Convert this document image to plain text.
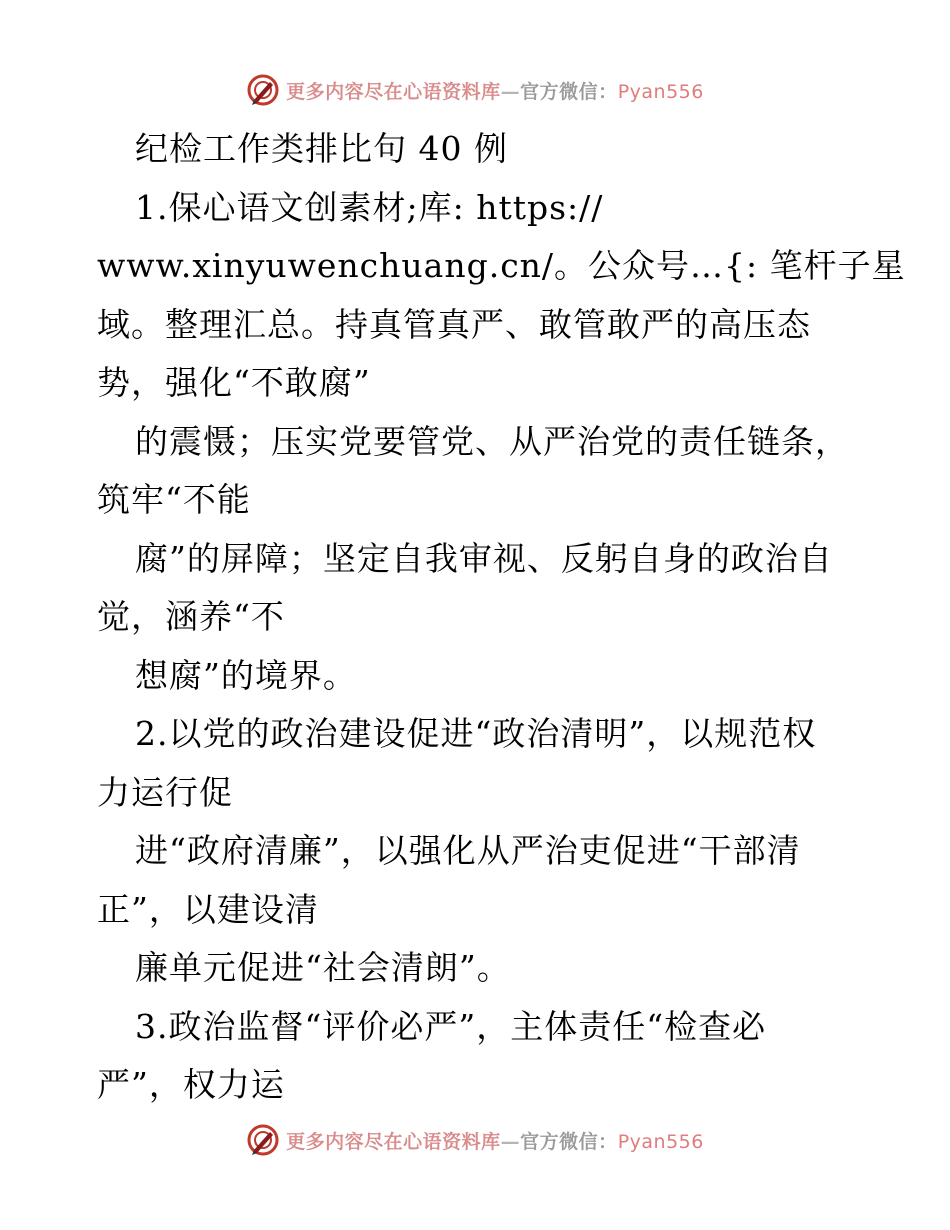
更多内容尽在心语资料库—官方微信：Pyan556
纪检工作类排比句 40 例
1.保心语文创素材;库: https://
www.xinyuwenchuang.cn/。公众号…{: 笔杆子星
域。整理汇总。持真管真严、敢管敢严的高压态
势，强化“不敢腐”
的震慑；压实党要管党、从严治党的责任链条，
筑牢“不能
腐”的屏障；坚定自我审视、反躬自身的政治自
觉，涵养“不
想腐”的境界。
2.以党的政治建设促进“政治清明”，以规范权
力运行促
进“政府清廉”，以强化从严治吏促进“干部清
正”，以建设清
廉单元促进“社会清朗”。
3.政治监督“评价必严”，主体责任“检查必
严”，权力运
更多内容尽在心语资料库—官方微信：Pyan556
